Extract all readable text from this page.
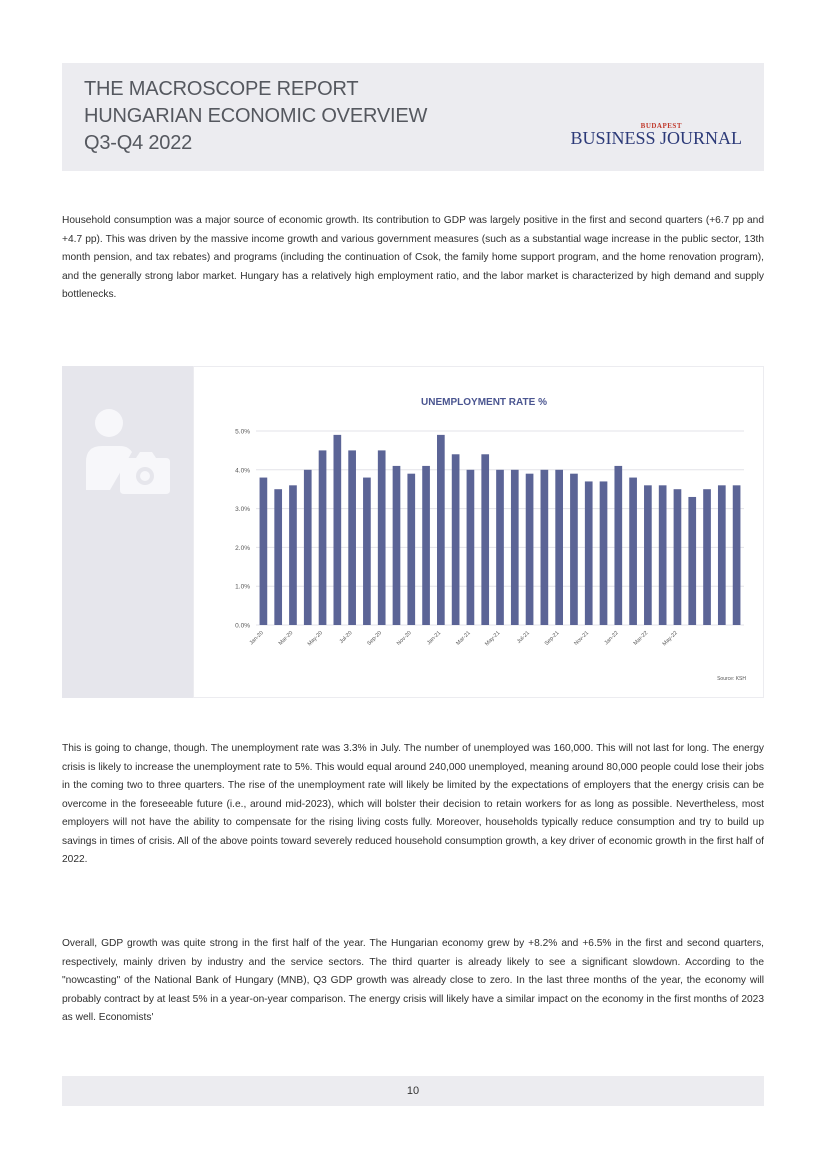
THE MACROSCOPE REPORT
HUNGARIAN ECONOMIC OVERVIEW
Q3-Q4 2022
BUDAPEST
BUSINESS JOURNAL
Household consumption was a major source of economic growth. Its contribution to GDP was largely positive in the first and second quarters (+6.7 pp and +4.7 pp). This was driven by the massive income growth and various government measures (such as a substantial wage increase in the public sector, 13th month pension, and tax rebates) and programs (including the continuation of Csok, the family home support program, and the home renovation program), and the generally strong labor market. Hungary has a relatively high employment ratio, and the labor market is characterized by high demand and supply bottlenecks.
UNEMPLOYMENT RATE %
0.0%
1.0%
2.0%
3.0%
4.0%
5.0%
Jan-20 Mar-20 May-20	Jul-20 Sep-20 Nov-20 Jan-21 Mar-21 May-21	Jul-21 Sep-21 Nov-21 Jan-22 Mar-22 May-22
Source: KSH
This is going to change, though. The unemployment rate was 3.3% in July. The number of unemployed was 160,000. This will not last for long. The energy crisis is likely to increase the unemployment rate to 5%. This would equal around 240,000 unemployed, meaning around 80,000 people could lose their jobs in the coming two to three quarters. The rise of the unemployment rate will likely be limited by the expectations of employers that the energy crisis can be overcome in the foreseeable future (i.e., around mid-2023), which will bolster their decision to retain workers for as long as possible. Nevertheless, most employers will not have the ability to compensate for the rising living costs fully. Moreover, households typically reduce consumption and try to build up savings in times of crisis. All of the above points toward severely reduced household consumption growth, a key driver of economic growth in the first half of 2022.
Overall, GDP growth was quite strong in the first half of the year. The Hungarian economy grew by +8.2% and +6.5% in the first and second quarters, respectively, mainly driven by industry and the service sectors. The third quarter is already likely to see a significant slowdown. According to the "nowcasting" of the National Bank of Hungary (MNB), Q3 GDP growth was already close to zero. In the last three months of the year, the economy will probably contract by at least 5% in a year-on-year comparison. The energy crisis will likely have a similar impact on the economy in the first months of 2023 as well. Economists'
10
